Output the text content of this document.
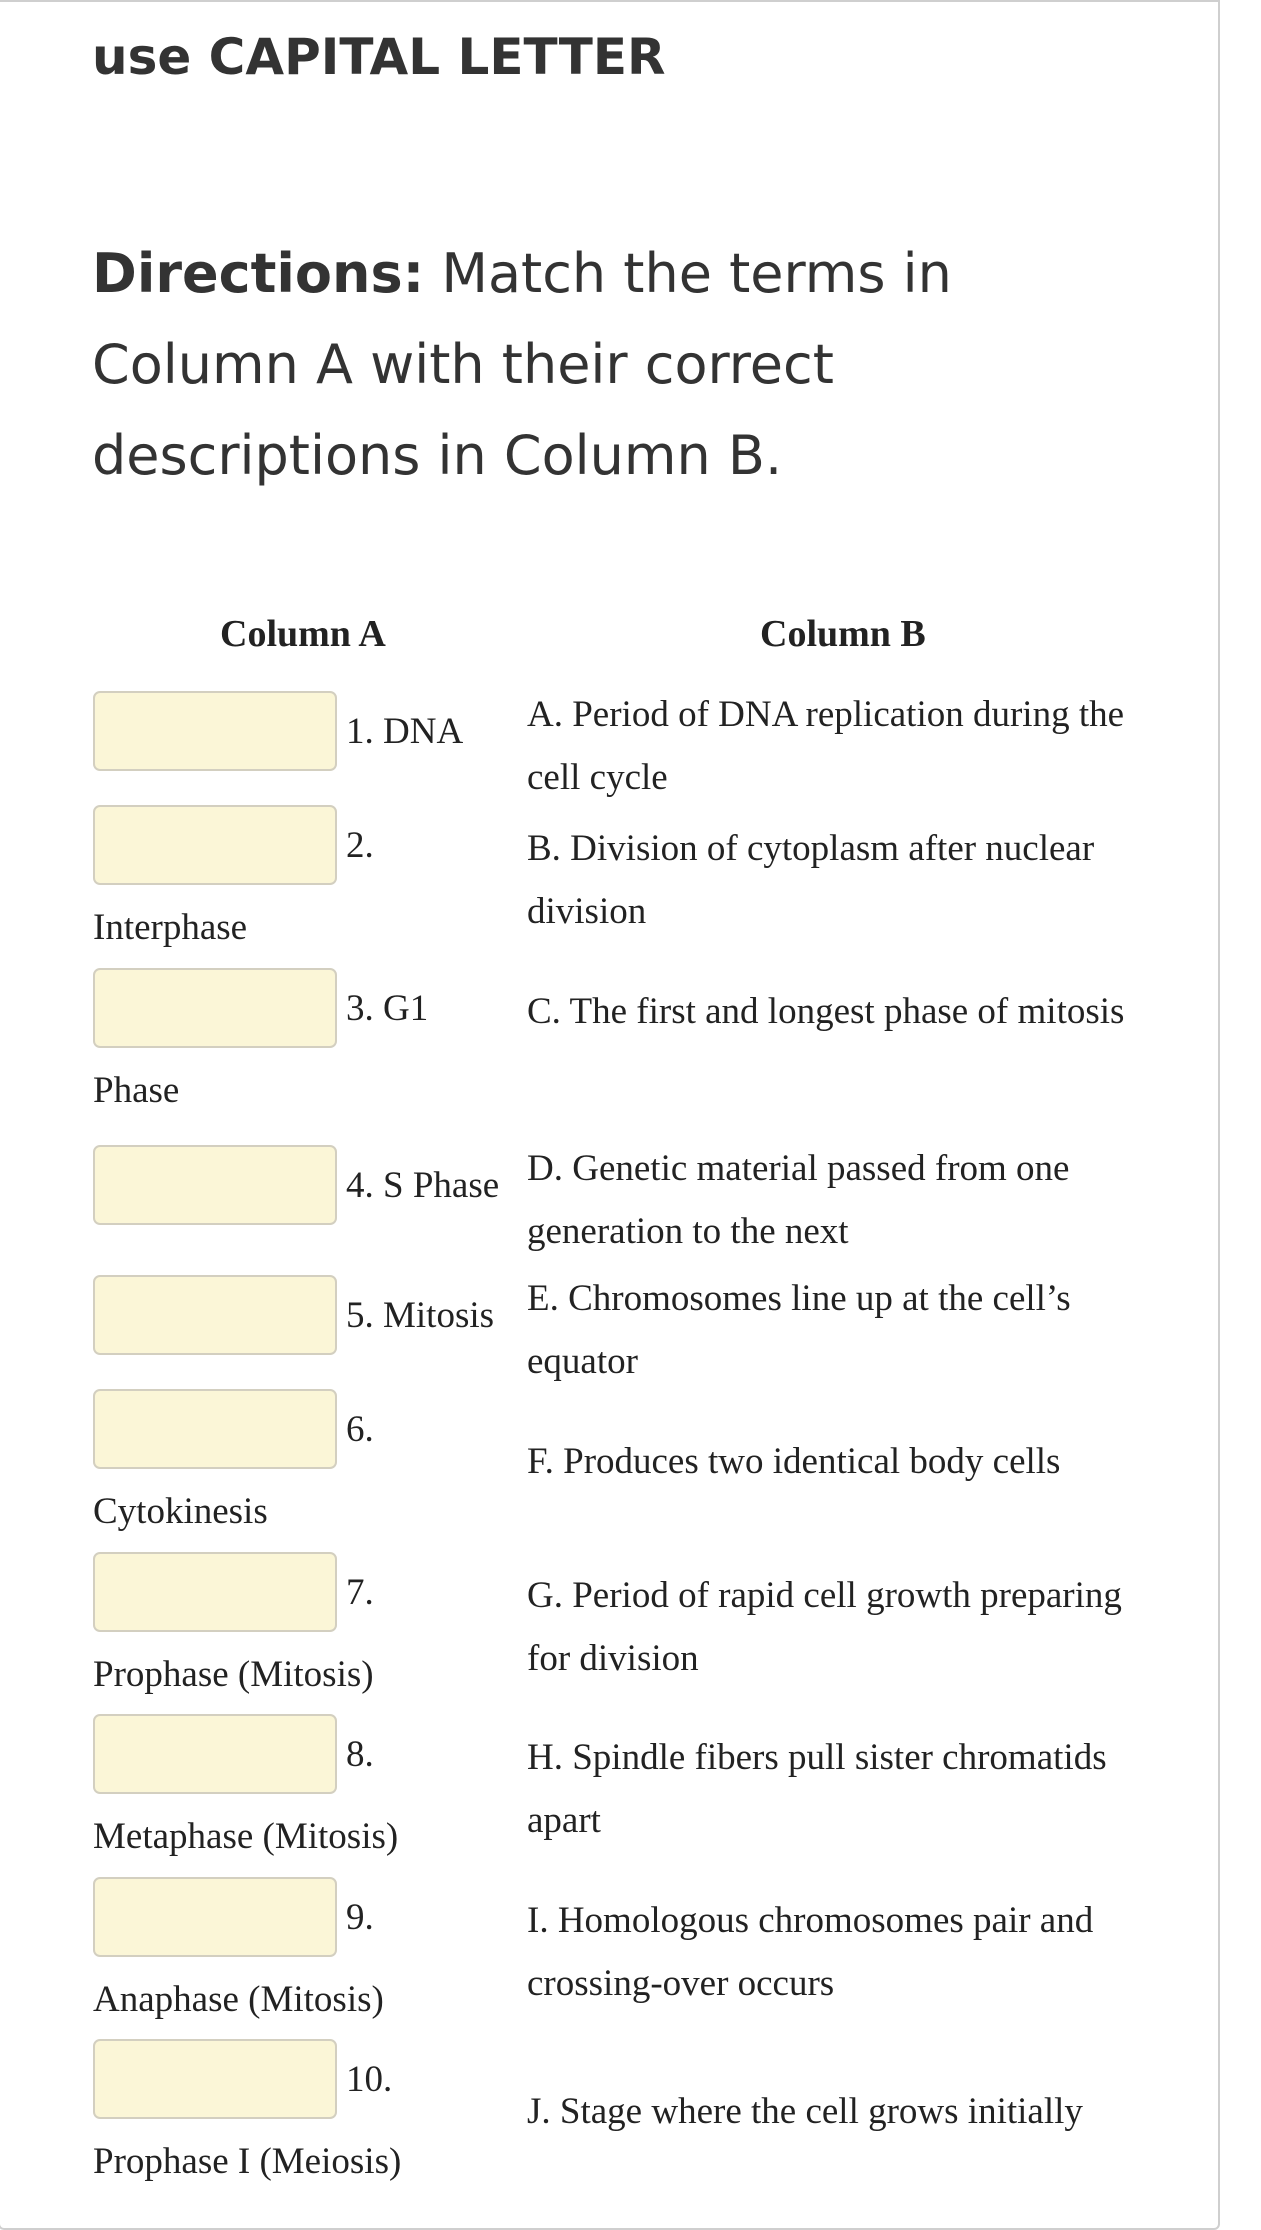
use CAPITAL LETTER

Directions: Match the terms in Column A with their correct descriptions in Column B.

Column A	Column B
1. DNA A. Period of DNA replication during the cell cycle
2.
Interphase
B. Division of cytoplasm after nuclear division
3. G1
Phase
C. The first and longest phase of mitosis
4. S Phase D. Genetic material passed from one generation to the next
5. Mitosis E. Chromosomes line up at the cell’s equator
6.
Cytokinesis
F. Produces two identical body cells
7.
Prophase (Mitosis)
G. Period of rapid cell growth preparing for division
8.
Metaphase (Mitosis)
H. Spindle fibers pull sister chromatids apart
9.
Anaphase (Mitosis)
I. Homologous chromosomes pair and crossing-over occurs
10.
Prophase I (Meiosis)
J. Stage where the cell grows initially
